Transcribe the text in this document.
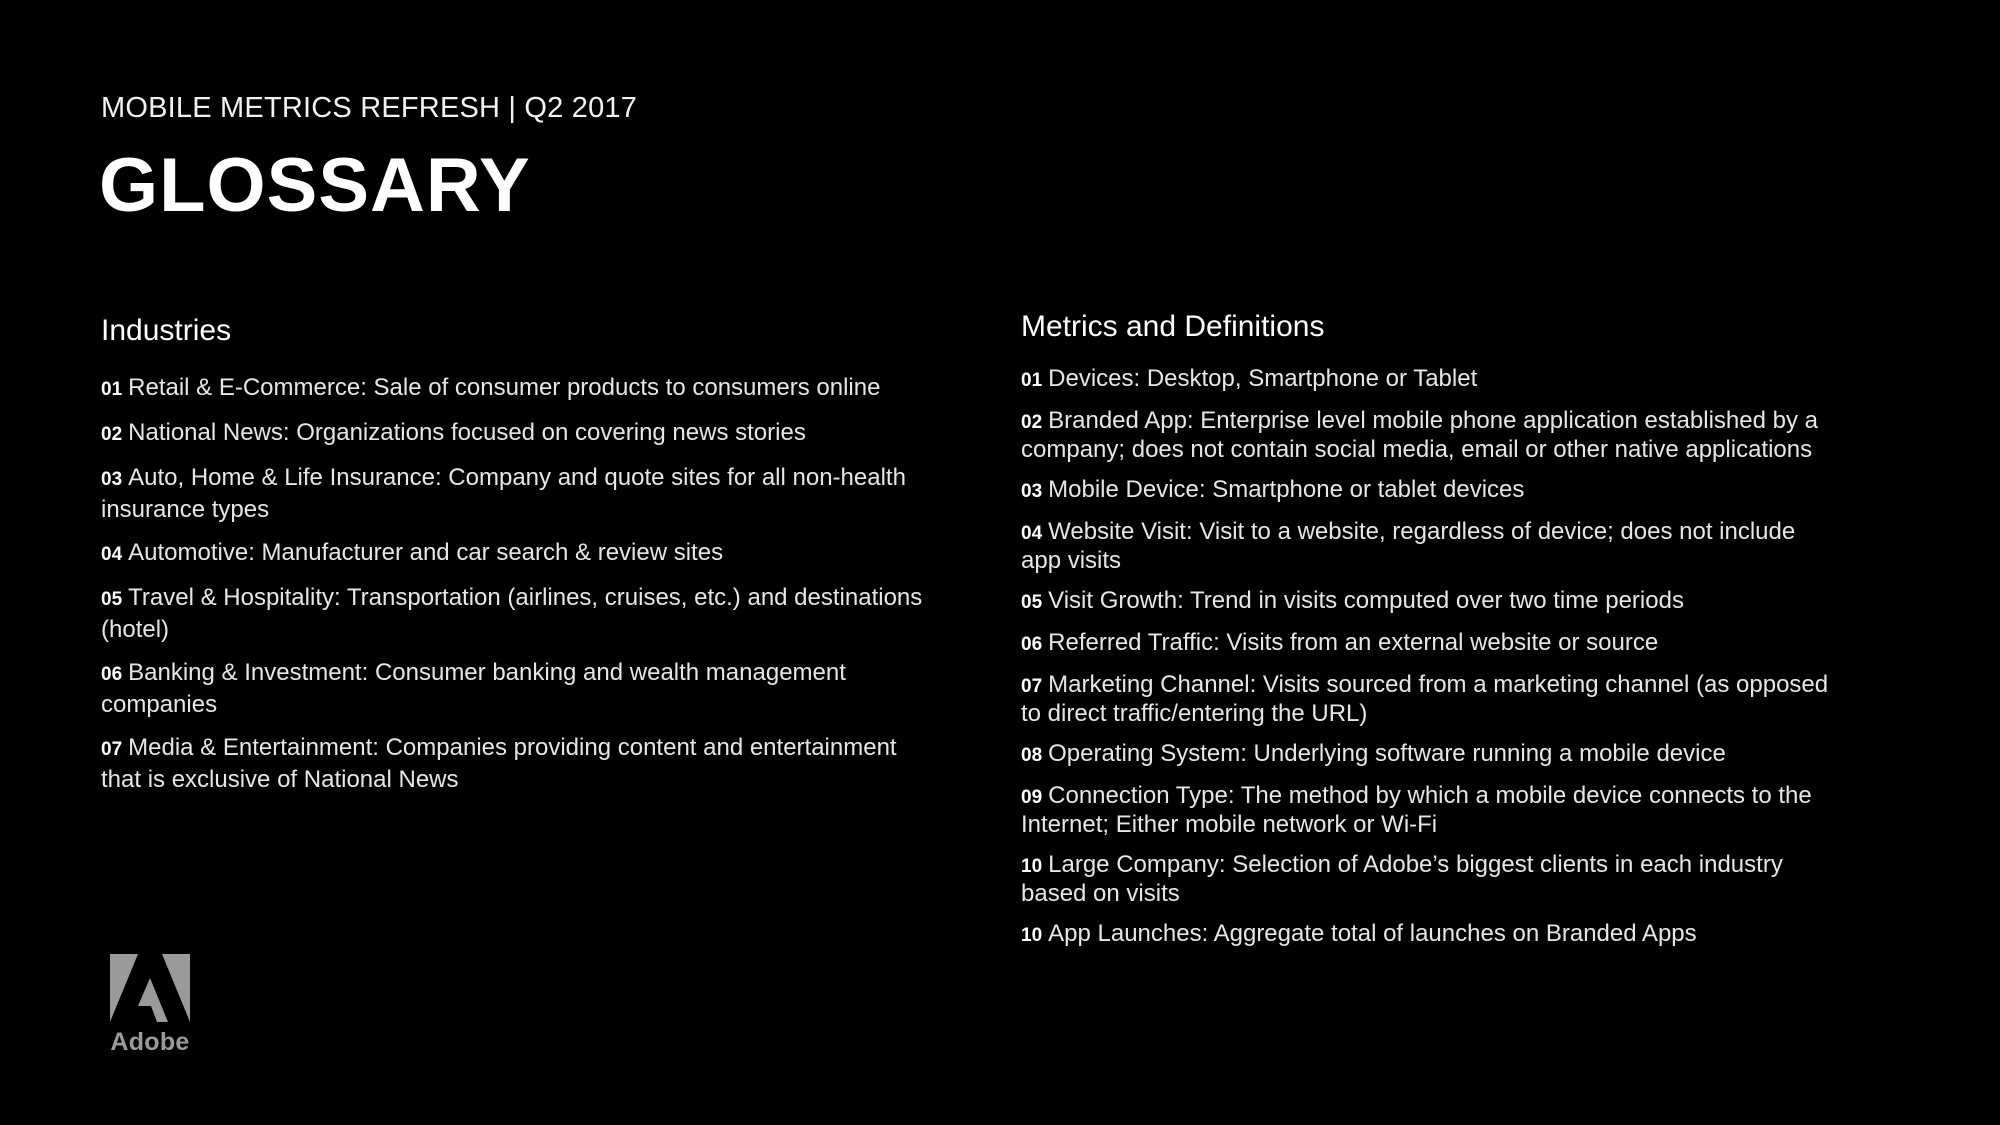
MOBILE METRICS REFRESH | Q2 2017
GLOSSARY
Industries
01 Retail & E-Commerce: Sale of consumer products to consumers online
02 National News: Organizations focused on covering news stories
03 Auto, Home & Life Insurance: Company and quote sites for all non-health insurance types
04 Automotive: Manufacturer and car search & review sites
05 Travel & Hospitality: Transportation (airlines, cruises, etc.) and destinations (hotel)
06 Banking & Investment: Consumer banking and wealth management companies
07 Media & Entertainment: Companies providing content and entertainment that is exclusive of National News
Metrics and Definitions
01 Devices: Desktop, Smartphone or Tablet
02 Branded App: Enterprise level mobile phone application established by a company; does not contain social media, email or other native applications
03 Mobile Device: Smartphone or tablet devices
04 Website Visit: Visit to a website, regardless of device; does not include app visits
05 Visit Growth: Trend in visits computed over two time periods
06 Referred Traffic: Visits from an external website or source
07 Marketing Channel: Visits sourced from a marketing channel (as opposed to direct traffic/entering the URL)
08 Operating System: Underlying software running a mobile device
09 Connection Type: The method by which a mobile device connects to the Internet; Either mobile network or Wi-Fi
10 Large Company: Selection of Adobe’s biggest clients in each industry based on visits
10 App Launches: Aggregate total of launches on Branded Apps
Adobe
